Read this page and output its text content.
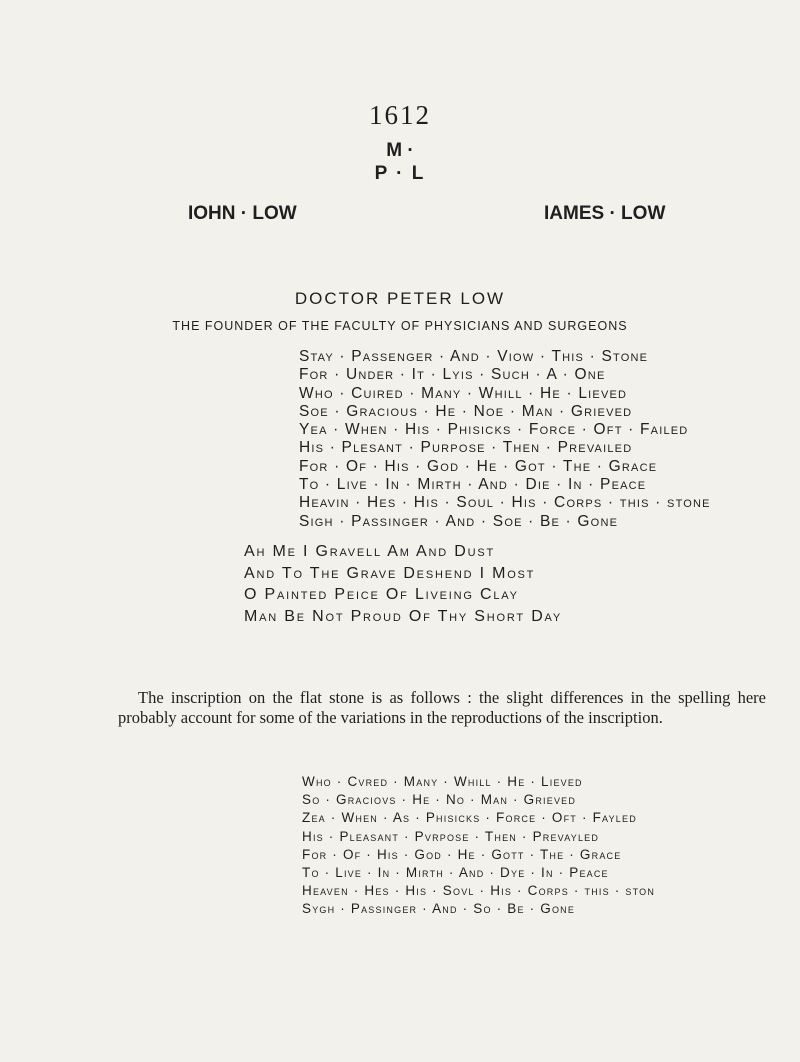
1612
M ·
P · L
IOHN · LOW	IAMES · LOW
DOCTOR PETER LOW
THE FOUNDER OF THE FACULTY OF PHYSICIANS AND SURGEONS
Stay · Passenger · And · Viow · This · Stone
For · Under · It · Lyis · Such · A · One
Who · Cuired · Many · Whill · He · Lieved
Soe · Gracious · He · Noe · Man · Grieved
Yea · When · His · Phisicks · Force · Oft · Failed
His · Plesant · Purpose · Then · Prevailed
For · Of · His · God · He · Got · The · Grace
To · Live · In · Mirth · And · Die · In · Peace
Heavin · Hes · His · Soul · His · Corps · this · stone
Sigh · Passinger · And · Soe · Be · Gone
Ah Me I Gravell Am And Dust
And To The Grave Deshend I Most
O Painted Peice Of Liveing Clay
Man Be Not Proud Of Thy Short Day
The inscription on the flat stone is as follows : the slight differences in the spelling here probably account for some of the variations in the reproductions of the inscription.
Who · Cvred · Many · Whill · He · Lieved
So · Graciovs · He · No · Man · Grieved
Zea · When · As · Phisicks · Force · Oft · Fayled
His · Pleasant · Pvrpose · Then · Prevayled
For · Of · His · God · He · Gott · The · Grace
To · Live · In · Mirth · And · Dye · In · Peace
Heaven · Hes · His · Sovl · His · Corps · this · ston
Sygh · Passinger · And · So · Be · Gone
